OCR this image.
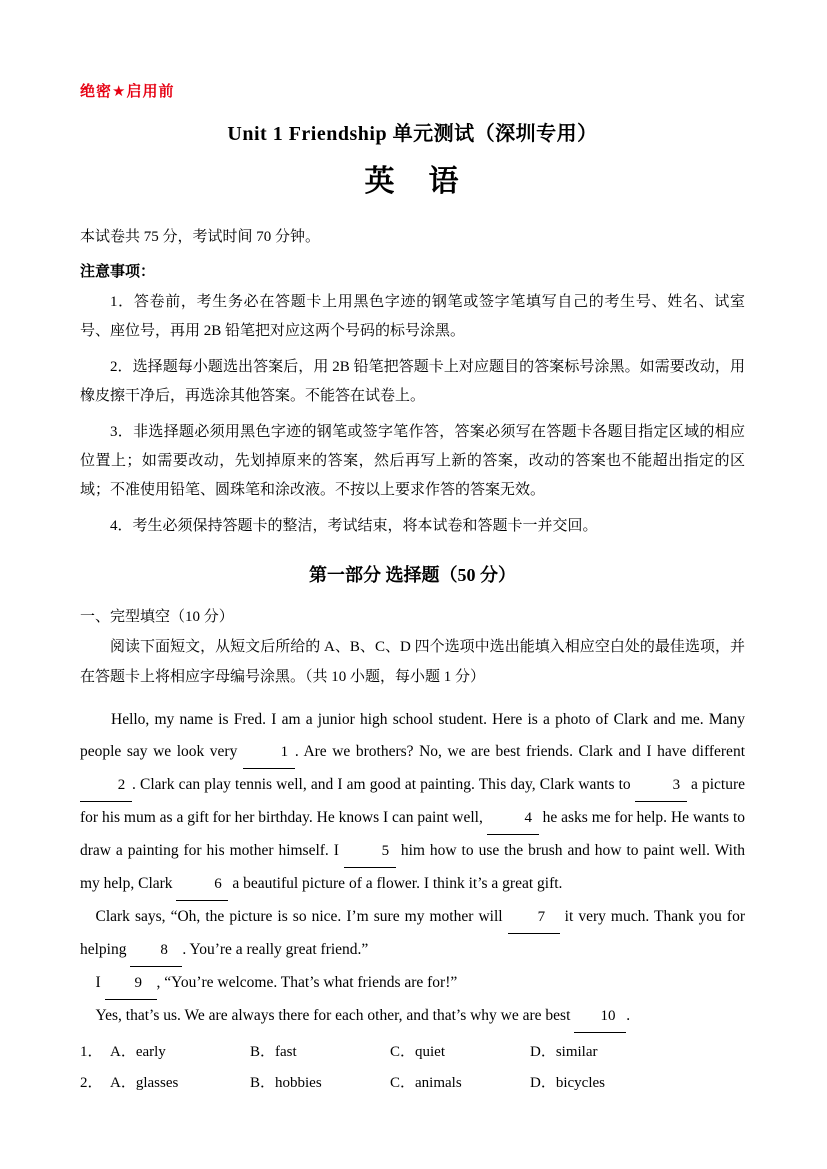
绝密★启用前
Unit 1 Friendship 单元测试（深圳专用）
英　语
本试卷共 75 分，考试时间 70 分钟。
注意事项：

1．答卷前，考生务必在答题卡上用黑色字迹的钢笔或签字笔填写自己的考生号、姓名、试室号、座位号，再用 2B 铅笔把对应这两个号码的标号涂黑。

2．选择题每小题选出答案后，用 2B 铅笔把答题卡上对应题目的答案标号涂黑。如需要改动，用橡皮擦干净后，再选涂其他答案。不能答在试卷上。

3．非选择题必须用黑色字迹的钢笔或签字笔作答，答案必须写在答题卡各题目指定区域的相应位置上；如需要改动，先划掉原来的答案，然后再写上新的答案，改动的答案也不能超出指定的区域；不准使用铅笔、圆珠笔和涂改液。不按以上要求作答的答案无效。

4．考生必须保持答题卡的整洁，考试结束，将本试卷和答题卡一并交回。

第一部分 选择题（50 分）
一、完型填空（10 分）

阅读下面短文，从短文后所给的 A、B、C、D 四个选项中选出能填入相应空白处的最佳选项，并在答题卡上将相应字母编号涂黑。（共 10 小题，每小题 1 分）

Hello, my name is Fred. I am a junior high school student. Here is a photo of Clark and me. Many people say we look very	1 . Are we brothers? No, we are best friends. Clark and I have different 2 . Clark can play tennis well, and I am good at painting. This day, Clark wants to	3 a picture for his mum as a gift for her birthday. He knows I can paint well,	4 he asks me for help. He wants to draw a painting for his mother himself. I	5 him how to use the brush and how to paint well. With my help, Clark	6 a beautiful picture of a flower. I think it’s a great gift.

Clark says, “Oh, the picture is so nice. I’m sure my mother will 7 it very much. Thank you for helping 8 . You’re a really great friend.”

I 9 , “You’re welcome. That’s what friends are for!”

Yes, that’s us. We are always there for each other, and that’s why we are best 10 .

1． A．early	B．fast	C．quiet	D．similar
2． A．glasses	B．hobbies	C．animals	D．bicycles
